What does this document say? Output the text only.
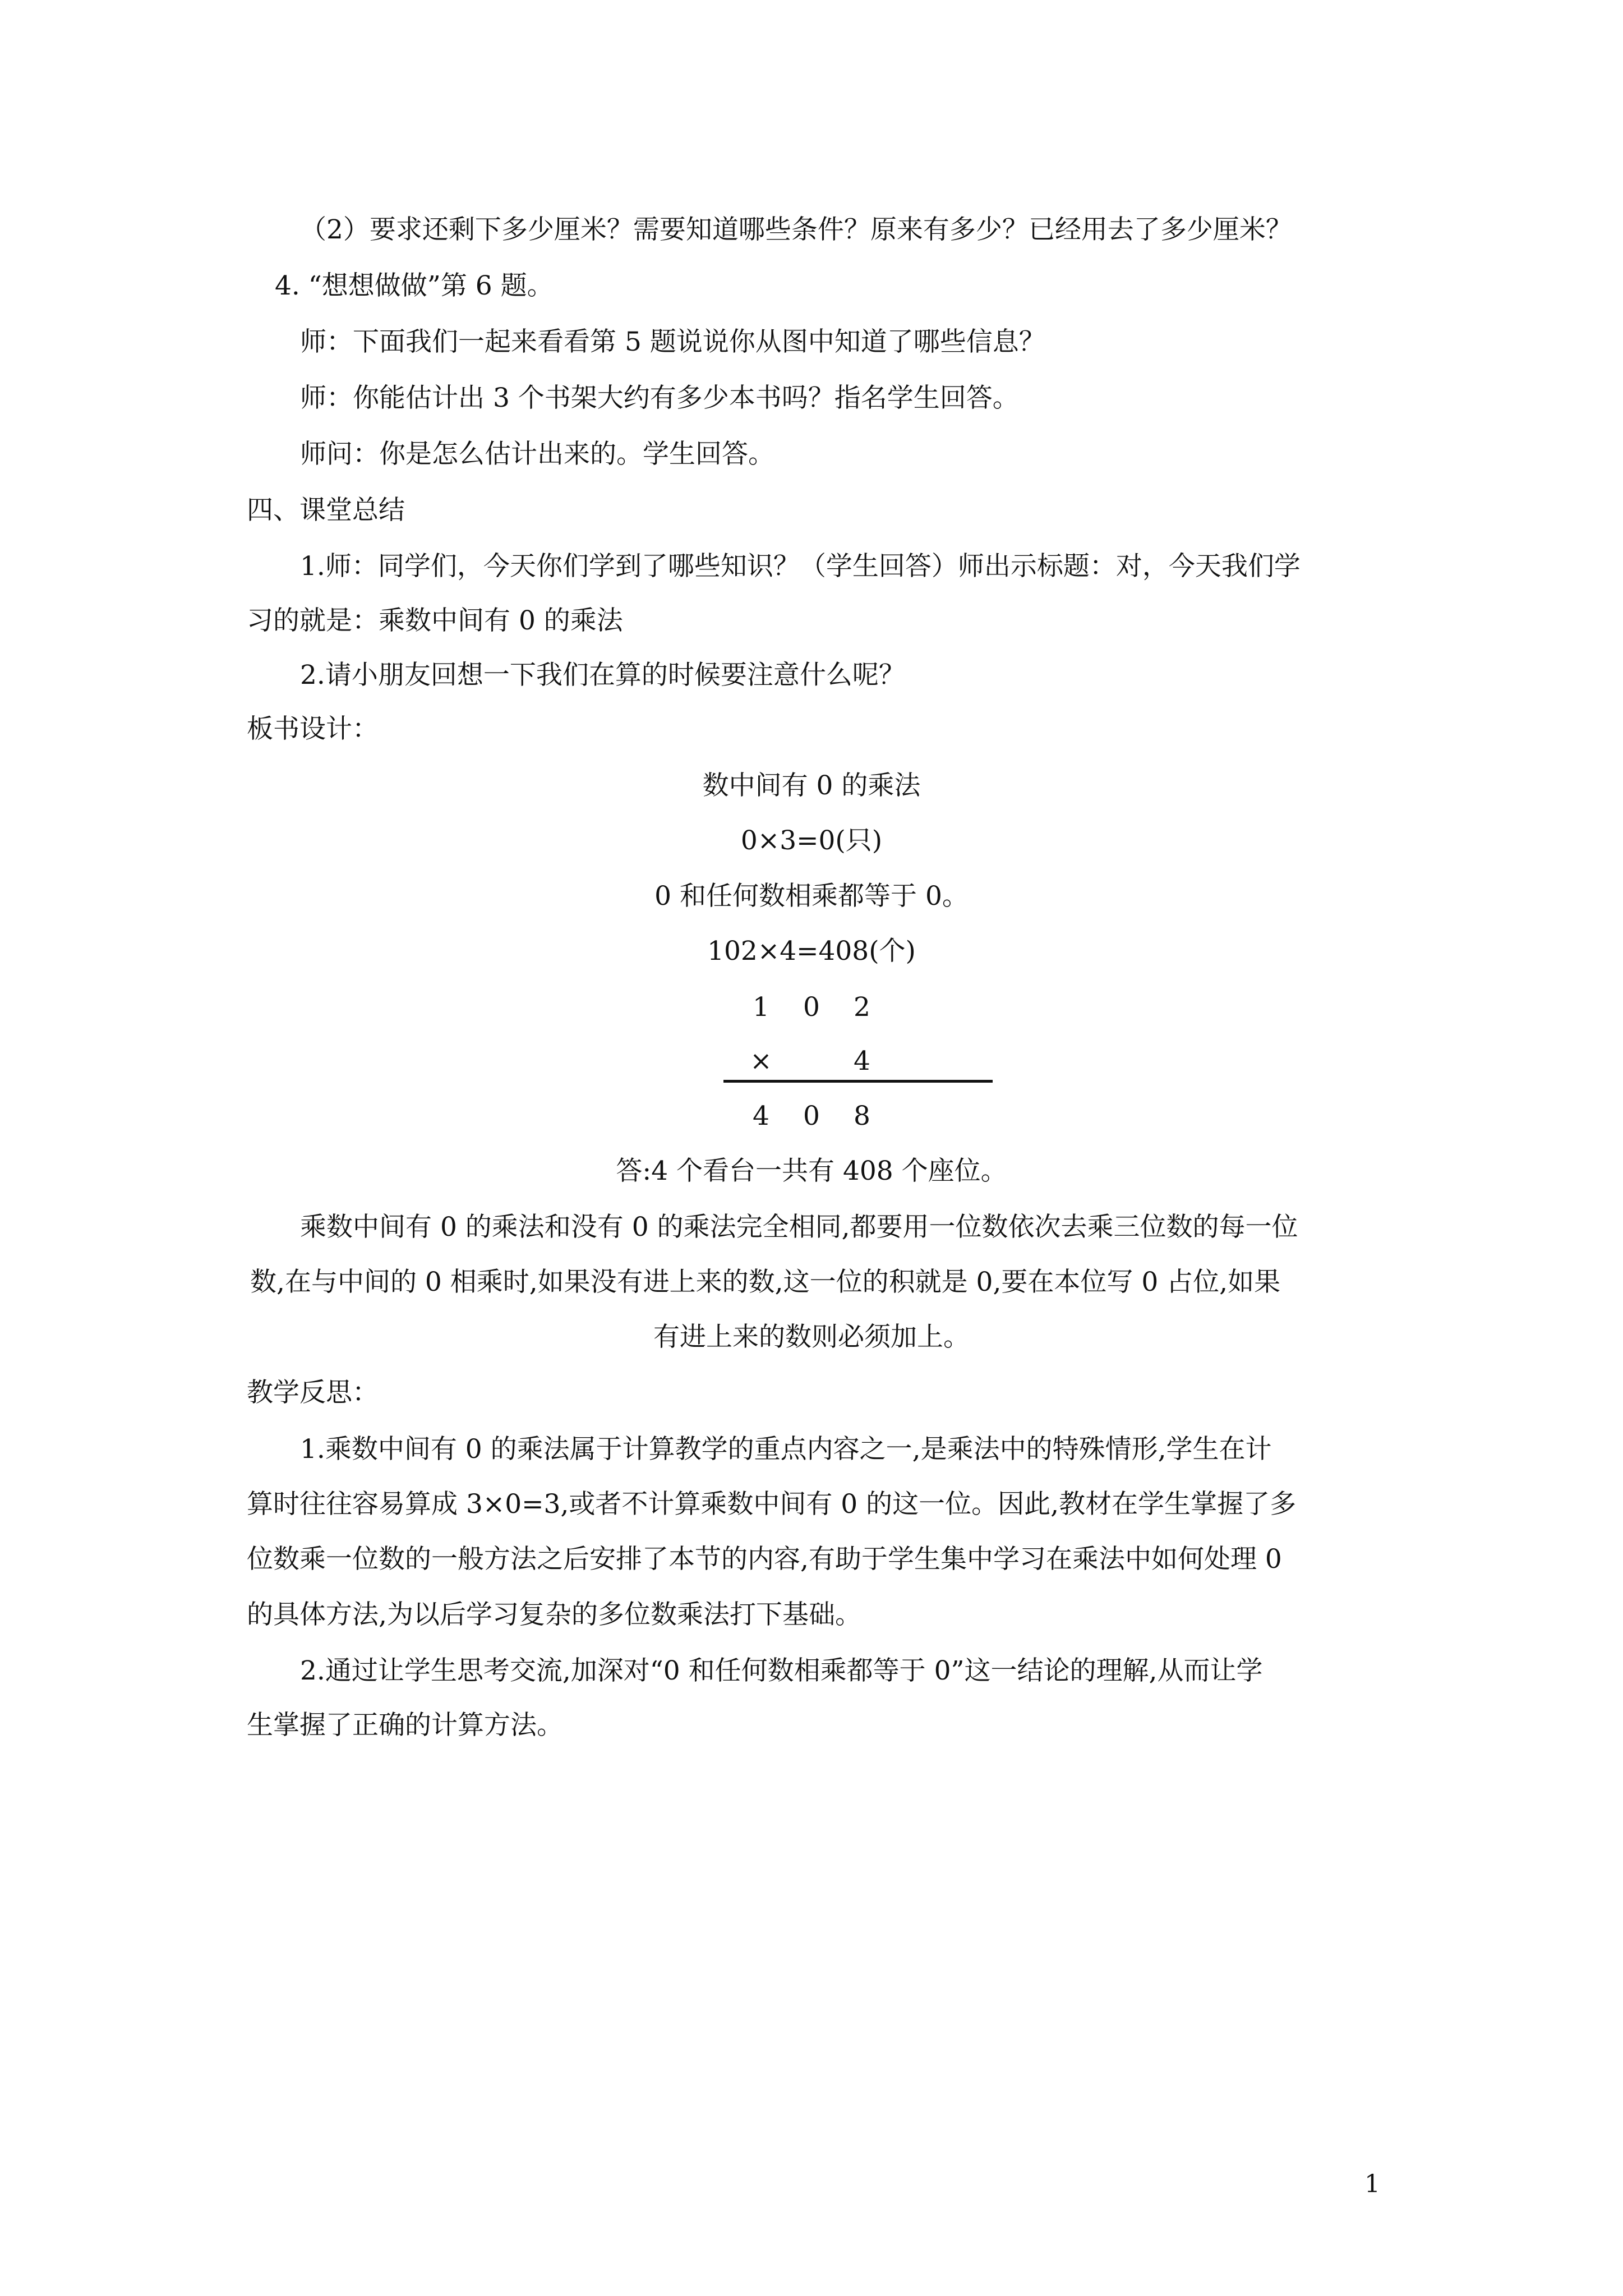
（2）要求还剩下多少厘米？需要知道哪些条件？原来有多少？已经用去了多少厘米？
4. “想想做做”第 6 题。
师：下面我们一起来看看第 5 题说说你从图中知道了哪些信息？
师：你能估计出 3 个书架大约有多少本书吗？指名学生回答。
师问：你是怎么估计出来的。学生回答。
四、课堂总结
1.师：同学们，今天你们学到了哪些知识？（学生回答）师出示标题：对，今天我们学
习的就是：乘数中间有 0 的乘法
2.请小朋友回想一下我们在算的时候要注意什么呢？
板书设计：
数中间有 0 的乘法
0×3=0(只)
0 和任何数相乘都等于 0。
102×4=408(个)
1 0 2
×	4
4 0 8
答:4 个看台一共有 408 个座位。
乘数中间有 0 的乘法和没有 0 的乘法完全相同,都要用一位数依次去乘三位数的每一位
数,在与中间的 0 相乘时,如果没有进上来的数,这一位的积就是 0,要在本位写 0 占位,如果
有进上来的数则必须加上。
教学反思：
1.乘数中间有 0 的乘法属于计算教学的重点内容之一,是乘法中的特殊情形,学生在计
算时往往容易算成 3×0=3,或者不计算乘数中间有 0 的这一位。因此,教材在学生掌握了多
位数乘一位数的一般方法之后安排了本节的内容,有助于学生集中学习在乘法中如何处理 0
的具体方法,为以后学习复杂的多位数乘法打下基础。
2.通过让学生思考交流,加深对“0 和任何数相乘都等于 0”这一结论的理解,从而让学
生掌握了正确的计算方法。
1
